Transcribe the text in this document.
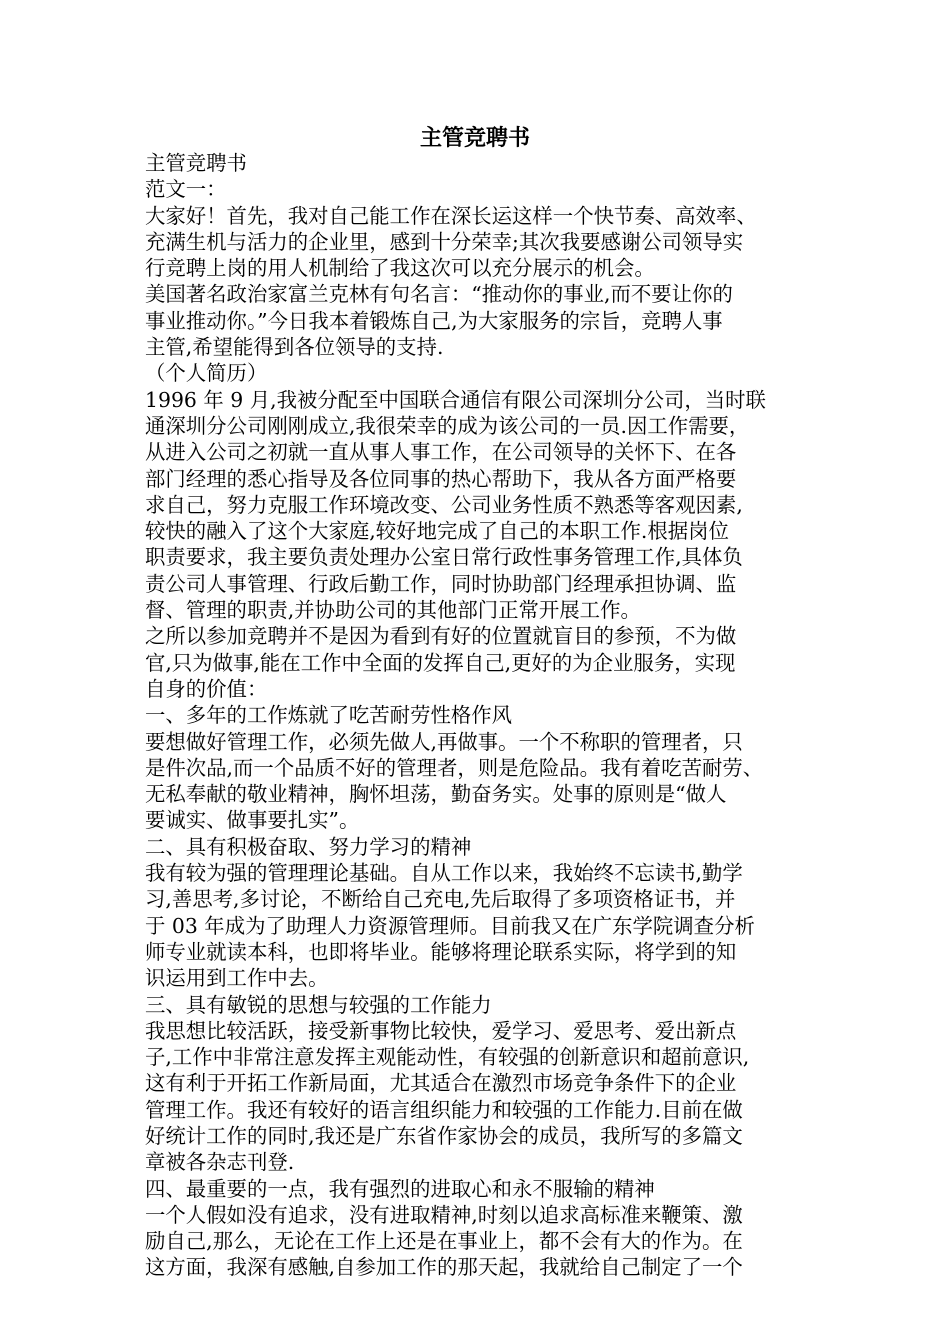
主管竞聘书
主管竞聘书
范文一：
大家好！首先，我对自己能工作在深长运这样一个快节奏、高效率、
充满生机与活力的企业里，感到十分荣幸;其次我要感谢公司领导实
行竞聘上岗的用人机制给了我这次可以充分展示的机会。
美国著名政治家富兰克林有句名言：“推动你的事业,而不要让你的
事业推动你。”今日我本着锻炼自己,为大家服务的宗旨，竞聘人事
主管,希望能得到各位领导的支持.
（个人简历）
1996 年 9 月,我被分配至中国联合通信有限公司深圳分公司，当时联
通深圳分公司刚刚成立,我很荣幸的成为该公司的一员.因工作需要，
从进入公司之初就一直从事人事工作，在公司领导的关怀下、在各
部门经理的悉心指导及各位同事的热心帮助下，我从各方面严格要
求自己，努力克服工作环境改变、公司业务性质不熟悉等客观因素,
较快的融入了这个大家庭,较好地完成了自己的本职工作.根据岗位
职责要求，我主要负责处理办公室日常行政性事务管理工作,具体负
责公司人事管理、行政后勤工作，同时协助部门经理承担协调、监
督、管理的职责,并协助公司的其他部门正常开展工作。
之所以参加竞聘并不是因为看到有好的位置就盲目的参预，不为做
官,只为做事,能在工作中全面的发挥自己,更好的为企业服务，实现
自身的价值：
一、多年的工作炼就了吃苦耐劳性格作风
要想做好管理工作，必须先做人,再做事。一个不称职的管理者，只
是件次品,而一个品质不好的管理者，则是危险品。我有着吃苦耐劳、
无私奉献的敬业精神，胸怀坦荡，勤奋务实。处事的原则是“做人
要诚实、做事要扎实”。
二、具有积极奋取、努力学习的精神
我有较为强的管理理论基础。自从工作以来，我始终不忘读书,勤学
习,善思考,多讨论，不断给自己充电,先后取得了多项资格证书，并
于 03 年成为了助理人力资源管理师。目前我又在广东学院调查分析
师专业就读本科，也即将毕业。能够将理论联系实际，将学到的知
识运用到工作中去。
三、具有敏锐的思想与较强的工作能力
我思想比较活跃，接受新事物比较快，爱学习、爱思考、爱出新点
子,工作中非常注意发挥主观能动性，有较强的创新意识和超前意识,
这有利于开拓工作新局面，尤其适合在激烈市场竞争条件下的企业
管理工作。我还有较好的语言组织能力和较强的工作能力.目前在做
好统计工作的同时,我还是广东省作家协会的成员，我所写的多篇文
章被各杂志刊登.
四、最重要的一点，我有强烈的进取心和永不服输的精神
一个人假如没有追求，没有进取精神,时刻以追求高标准来鞭策、激
励自己,那么，无论在工作上还是在事业上，都不会有大的作为。在
这方面，我深有感触,自参加工作的那天起，我就给自己制定了一个
